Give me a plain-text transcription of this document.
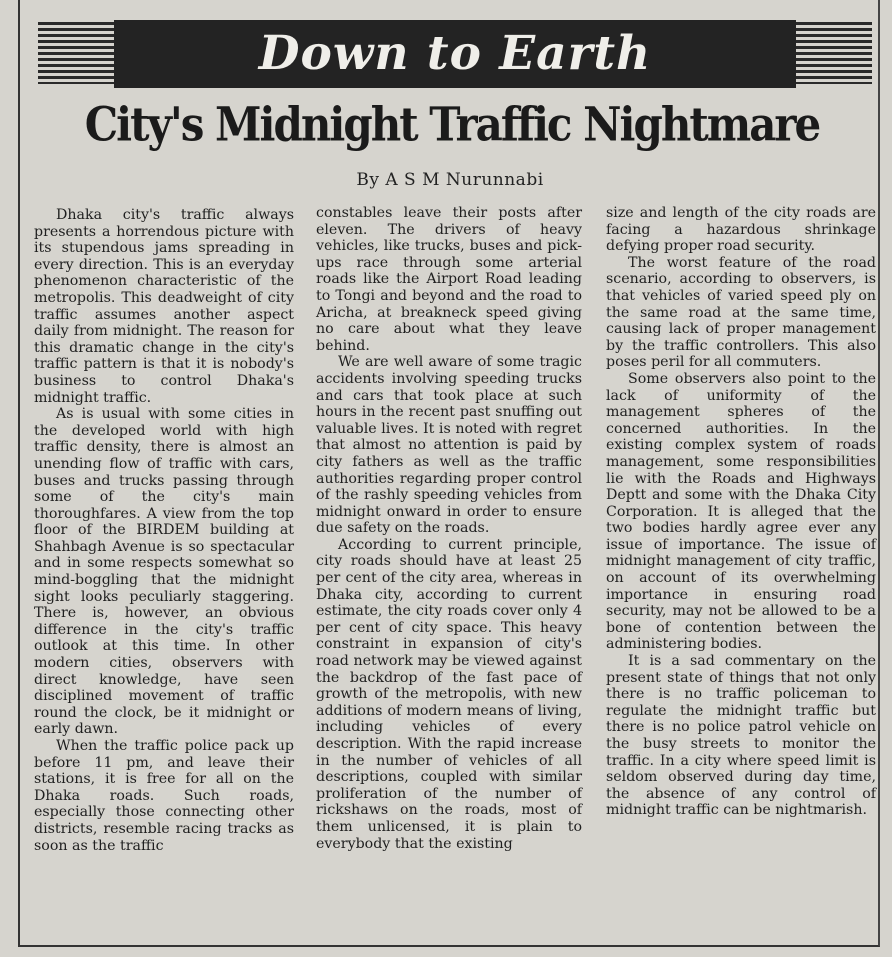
Down to Earth
City's Midnight Traffic Nightmare
By A S M Nurunnabi

Dhaka city's traffic always presents a horrendous picture with its stupendous jams spreading in every direction. This is an everyday phenomenon characteristic of the metropolis. This deadweight of city traffic assumes another aspect daily from midnight. The reason for this dramatic change in the city's traffic pattern is that it is nobody's business to control Dhaka's midnight traffic.

As is usual with some cities in the developed world with high traffic density, there is almost an unending flow of traffic with cars, buses and trucks passing through some of the city's main thoroughfares. A view from the top floor of the BIRDEM building at Shahbagh Avenue is so spectacular and in some respects somewhat so mind-boggling that the midnight sight looks peculiarly staggering. There is, however, an obvious difference in the city's traffic outlook at this time. In other modern cities, observers with direct knowledge, have seen disciplined movement of traffic round the clock, be it midnight or early dawn.

When the traffic police pack up before 11 pm, and leave their stations, it is free for all on the Dhaka roads. Such roads, especially those connecting other districts, resemble racing tracks as soon as the traffic

constables leave their posts after eleven. The drivers of heavy vehicles, like trucks, buses and pick-ups race through some arterial roads like the Airport Road leading to Tongi and beyond and the road to Aricha, at breakneck speed giving no care about what they leave behind.

We are well aware of some tragic accidents involving speeding trucks and cars that took place at such hours in the recent past snuffing out valuable lives. It is noted with regret that almost no attention is paid by city fathers as well as the traffic authorities regarding proper control of the rashly speeding vehicles from midnight onward in order to ensure due safety on the roads.

According to current principle, city roads should have at least 25 per cent of the city area, whereas in Dhaka city, according to current estimate, the city roads cover only 4 per cent of city space. This heavy constraint in expansion of city's road network may be viewed against the backdrop of the fast pace of growth of the metropolis, with new additions of modern means of living, including vehicles of every description. With the rapid increase in the number of vehicles of all descriptions, coupled with similar proliferation of the number of rickshaws on the roads, most of them unlicensed, it is plain to everybody that the existing

size and length of the city roads are facing a hazardous shrinkage defying proper road security.

The worst feature of the road scenario, according to observers, is that vehicles of varied speed ply on the same road at the same time, causing lack of proper management by the traffic controllers. This also poses peril for all commuters.

Some observers also point to the lack of uniformity of the management spheres of the concerned authorities. In the existing complex system of roads management, some responsibilities lie with the Roads and Highways Deptt and some with the Dhaka City Corporation. It is alleged that the two bodies hardly agree ever any issue of importance. The issue of midnight management of city traffic, on account of its overwhelming importance in ensuring road security, may not be allowed to be a bone of contention between the administering bodies.

It is a sad commentary on the present state of things that not only there is no traffic policeman to regulate the midnight traffic but there is no police patrol vehicle on the busy streets to monitor the traffic. In a city where speed limit is seldom observed during day time, the absence of any control of midnight traffic can be nightmarish.
